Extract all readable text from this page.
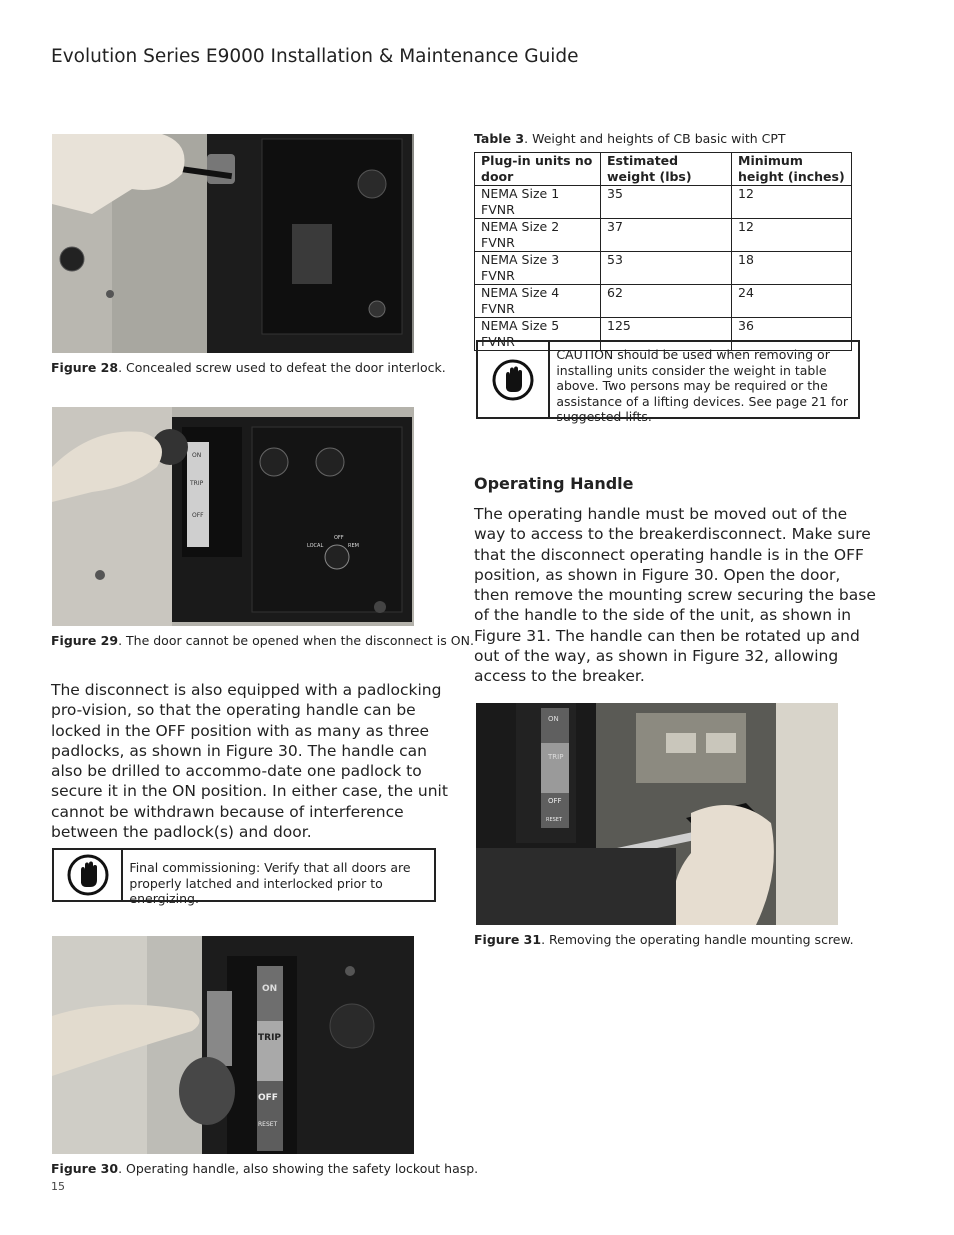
Evolution Series E9000 Installation & Maintenance Guide
Figure 28. Concealed screw used to defeat the door interlock.
ON
TRIP
OFF
LOCAL
OFF
REM
Figure 29. The door cannot be opened when the disconnect is ON.
The disconnect is also equipped with a padlocking pro-vision, so that the operating handle can be locked in the OFF position with as many as three padlocks, as shown in Figure 30. The handle can also be drilled to accommo-date one padlock to secure it in the ON position. In either case, the unit cannot be withdrawn because of interference between the padlock(s) and door.
Final commissioning: Verify that all doors are properly latched and interlocked prior to energizing.
ON
TRIP
OFF
RESET
Figure 30. Operating handle, also showing the safety lockout hasp.
15
Table 3. Weight and heights of CB basic with CPT
Plug-in units no door	Estimated weight (lbs)	Minimum height (inches)
NEMA Size 1 FVNR	35	12
NEMA Size 2 FVNR	37	12
NEMA Size 3 FVNR	53	18
NEMA Size 4 FVNR	62	24
NEMA Size 5 FVNR	125	36
CAUTION should be used when removing or installing units consider the weight in table above. Two persons may be required or the assistance of a lifting devices. See page 21 for suggested lifts.
Operating Handle
The operating handle must be moved out of the way to access to the breakerdisconnect. Make sure that the disconnect operating handle is in the OFF position, as shown in Figure 30. Open the door, then remove the mounting screw securing the base of the handle to the side of the unit, as shown in Figure 31. The handle can then be rotated up and out of the way, as shown in Figure 32, allowing access to the breaker.
TRIP
OFF
RESET
ON
Figure 31. Removing the operating handle mounting screw.
